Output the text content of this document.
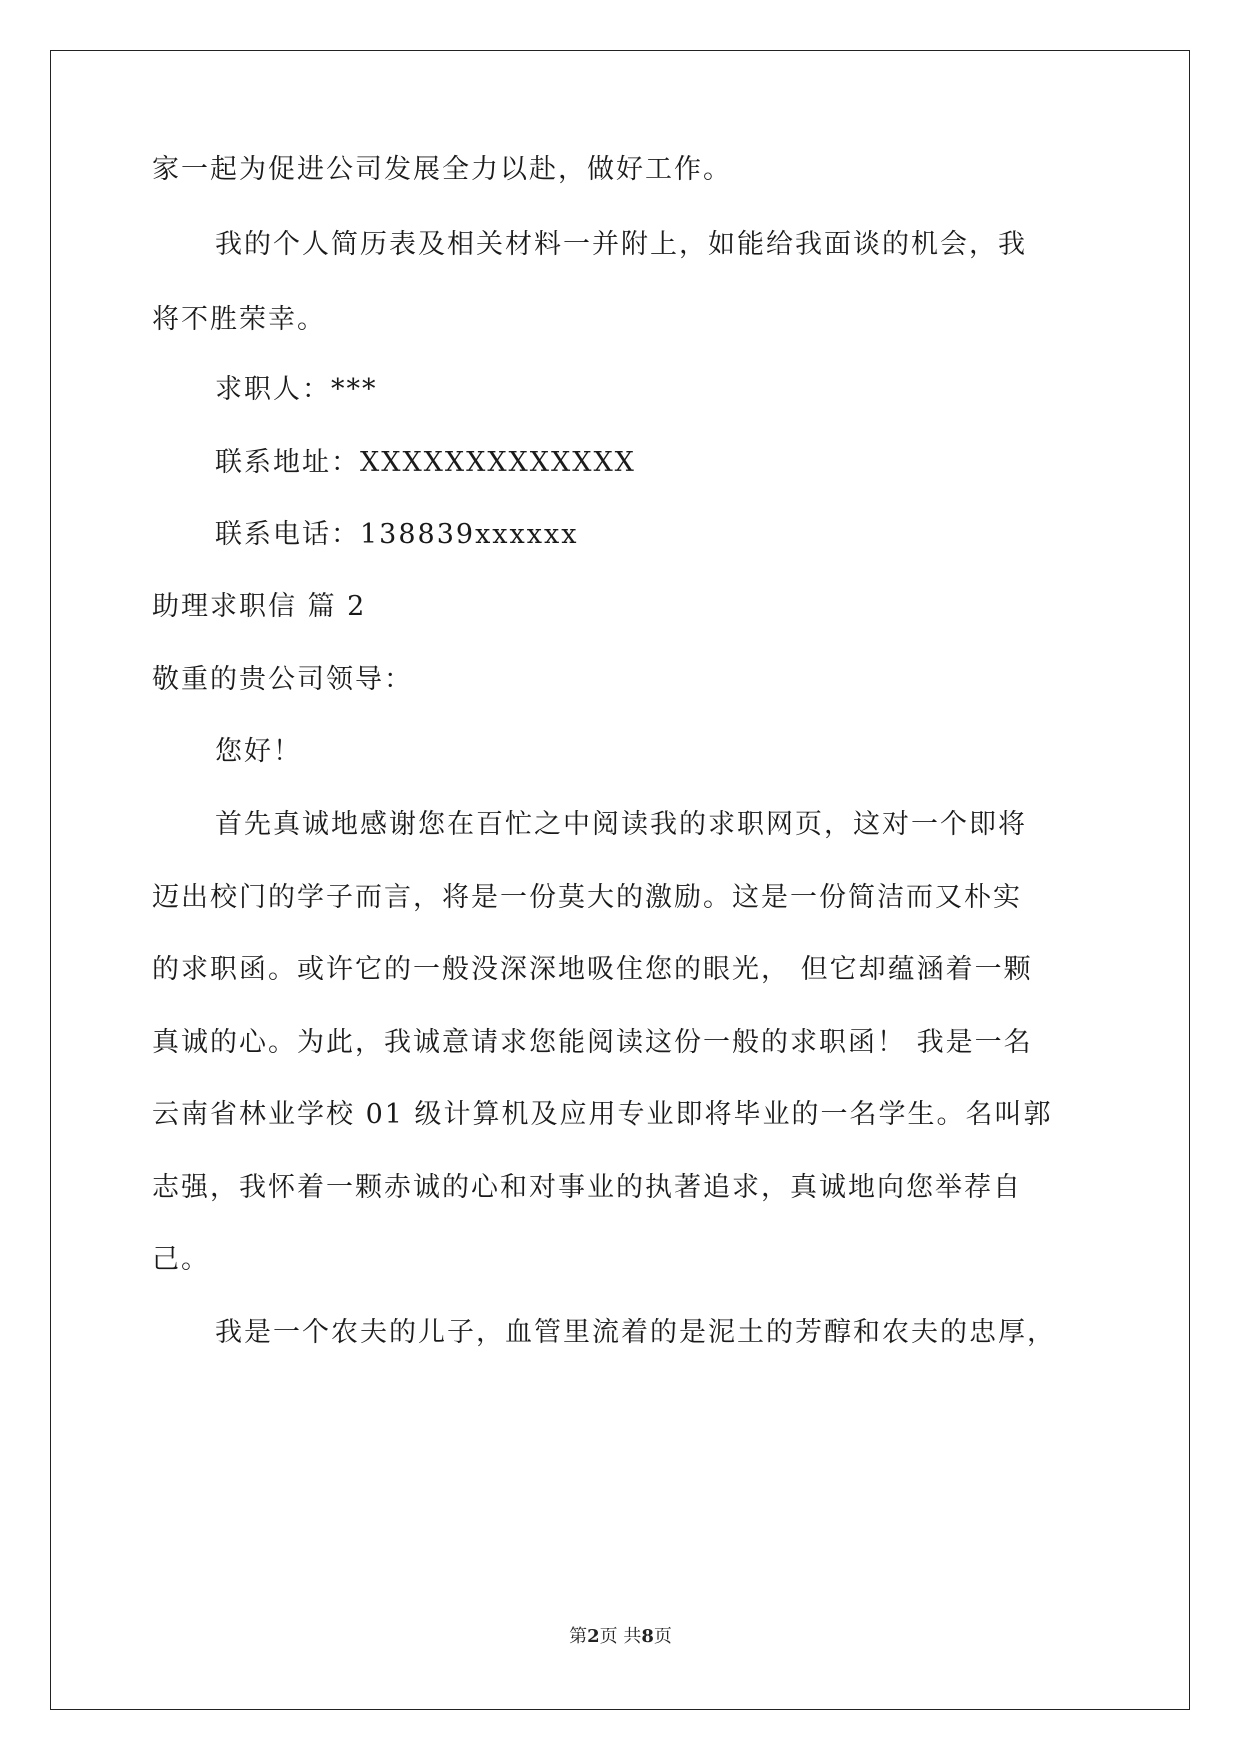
家一起为促进公司发展全力以赴，做好工作。
我的个人简历表及相关材料一并附上，如能给我面谈的机会，我
将不胜荣幸。
求职人：***
联系地址：XXXXXXXXXXXXX
联系电话：138839xxxxxx
助理求职信 篇 2
敬重的贵公司领导：
您好！
首先真诚地感谢您在百忙之中阅读我的求职网页，这对一个即将
迈出校门的学子而言，将是一份莫大的激励。这是一份简洁而又朴实
的求职函。或许它的一般没深深地吸住您的眼光， 但它却蕴涵着一颗
真诚的心。为此，我诚意请求您能阅读这份一般的求职函！ 我是一名
云南省林业学校 01 级计算机及应用专业即将毕业的一名学生。名叫郭
志强，我怀着一颗赤诚的心和对事业的执著追求，真诚地向您举荐自
己。
我是一个农夫的儿子，血管里流着的是泥土的芳醇和农夫的忠厚，
第2页 共8页
